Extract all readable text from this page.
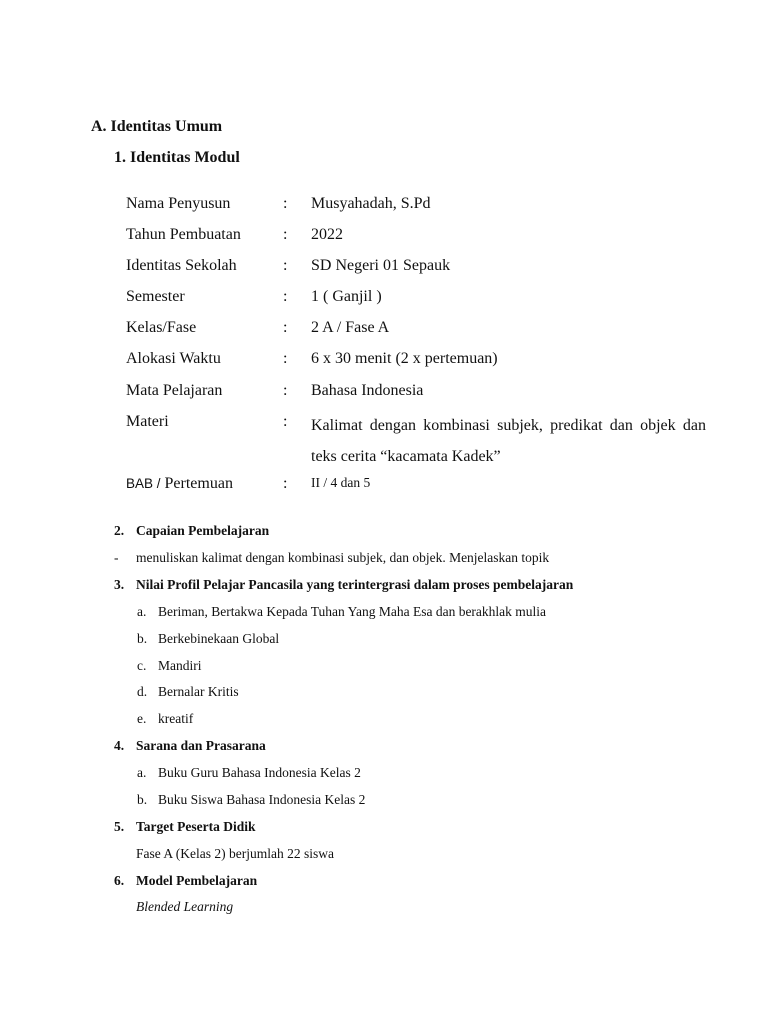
A. Identitas Umum
1. Identitas Modul
Nama Penyusun	: Musyahadah, S.Pd
Tahun Pembuatan	: 2022
Identitas Sekolah	: SD Negeri 01 Sepauk
Semester	: 1 ( Ganjil )
Kelas/Fase	: 2 A / Fase A
Alokasi Waktu	: 6 x 30 menit (2 x pertemuan)
Mata Pelajaran	: Bahasa Indonesia
Materi	: Kalimat dengan kombinasi subjek, predikat dan objek dan teks cerita “kacamata Kadek”
BAB / Pertemuan	: II / 4 dan 5
2. Capaian Pembelajaran
- menuliskan kalimat dengan kombinasi subjek, dan objek. Menjelaskan topik
3. Nilai Profil Pelajar Pancasila yang terintergrasi dalam proses pembelajaran
a. Beriman, Bertakwa Kepada Tuhan Yang Maha Esa dan berakhlak mulia
b. Berkebinekaan Global
c. Mandiri
d. Bernalar Kritis
e. kreatif
4. Sarana dan Prasarana
a. Buku Guru Bahasa Indonesia Kelas 2
b. Buku Siswa Bahasa Indonesia Kelas 2
5. Target Peserta Didik
Fase A (Kelas 2) berjumlah 22 siswa
6. Model Pembelajaran
Blended Learning
